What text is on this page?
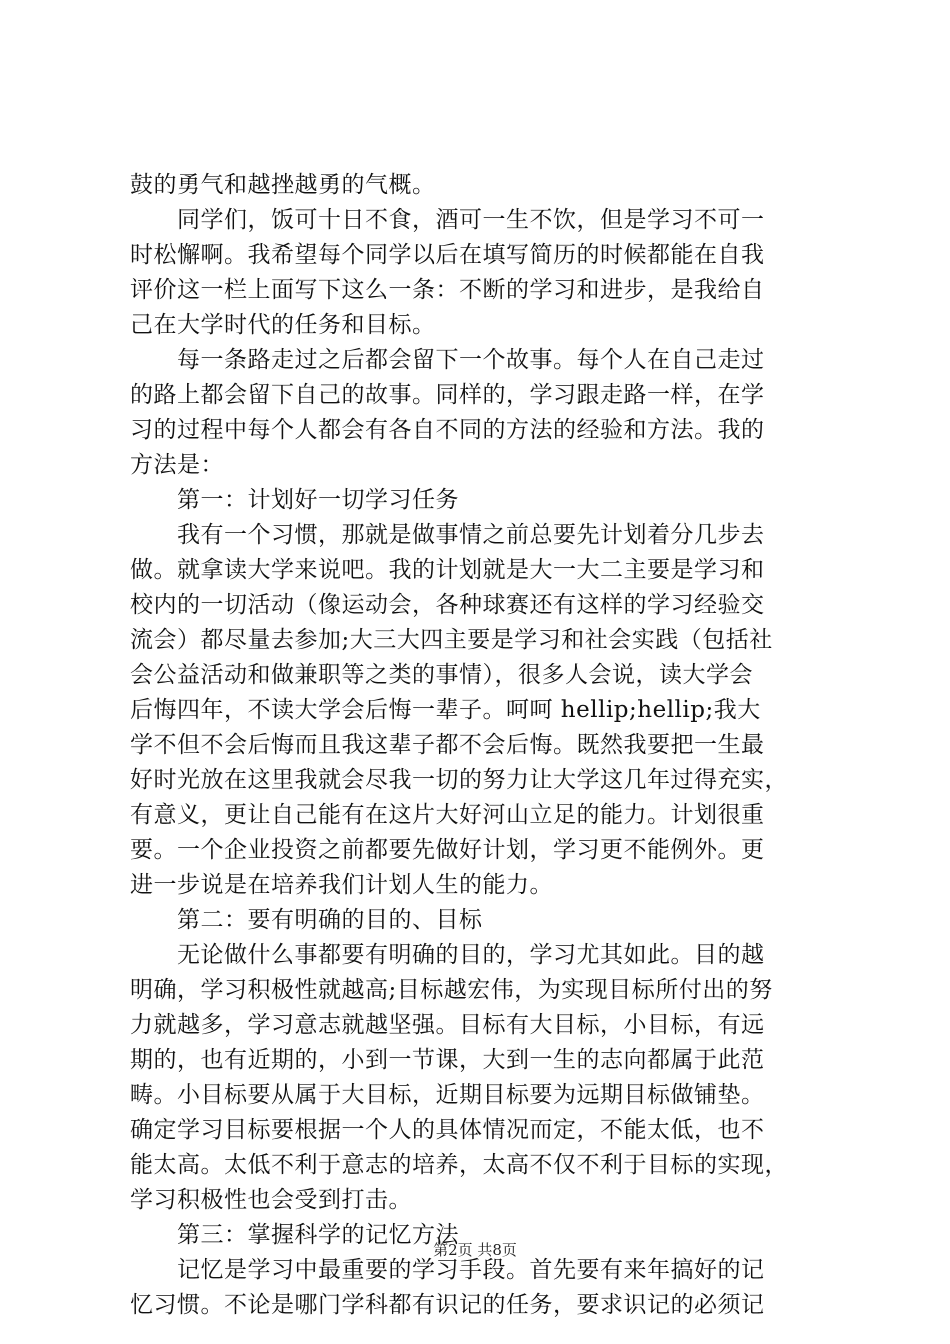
鼓的勇气和越挫越勇的气概。
同学们，饭可十日不食，酒可一生不饮，但是学习不可一
时松懈啊。我希望每个同学以后在填写简历的时候都能在自我
评价这一栏上面写下这么一条：不断的学习和进步，是我给自
己在大学时代的任务和目标。
每一条路走过之后都会留下一个故事。每个人在自己走过
的路上都会留下自己的故事。同样的，学习跟走路一样，在学
习的过程中每个人都会有各自不同的方法的经验和方法。我的
方法是：
第一：计划好一切学习任务
我有一个习惯，那就是做事情之前总要先计划着分几步去
做。就拿读大学来说吧。我的计划就是大一大二主要是学习和
校内的一切活动（像运动会，各种球赛还有这样的学习经验交
流会）都尽量去参加;大三大四主要是学习和社会实践（包括社
会公益活动和做兼职等之类的事情），很多人会说，读大学会
后悔四年，不读大学会后悔一辈子。呵呵 hellip;hellip;我大
学不但不会后悔而且我这辈子都不会后悔。既然我要把一生最
好时光放在这里我就会尽我一切的努力让大学这几年过得充实，
有意义，更让自己能有在这片大好河山立足的能力。计划很重
要。一个企业投资之前都要先做好计划，学习更不能例外。更
进一步说是在培养我们计划人生的能力。
第二：要有明确的目的、目标
无论做什么事都要有明确的目的，学习尤其如此。目的越
明确，学习积极性就越高;目标越宏伟，为实现目标所付出的努
力就越多，学习意志就越坚强。目标有大目标，小目标，有远
期的，也有近期的，小到一节课，大到一生的志向都属于此范
畴。小目标要从属于大目标，近期目标要为远期目标做铺垫。
确定学习目标要根据一个人的具体情况而定，不能太低，也不
能太高。太低不利于意志的培养，太高不仅不利于目标的实现，
学习积极性也会受到打击。
第三：掌握科学的记忆方法
记忆是学习中最重要的学习手段。首先要有来年搞好的记
忆习惯。不论是哪门学科都有识记的任务，要求识记的必须记
第2页 共8页
